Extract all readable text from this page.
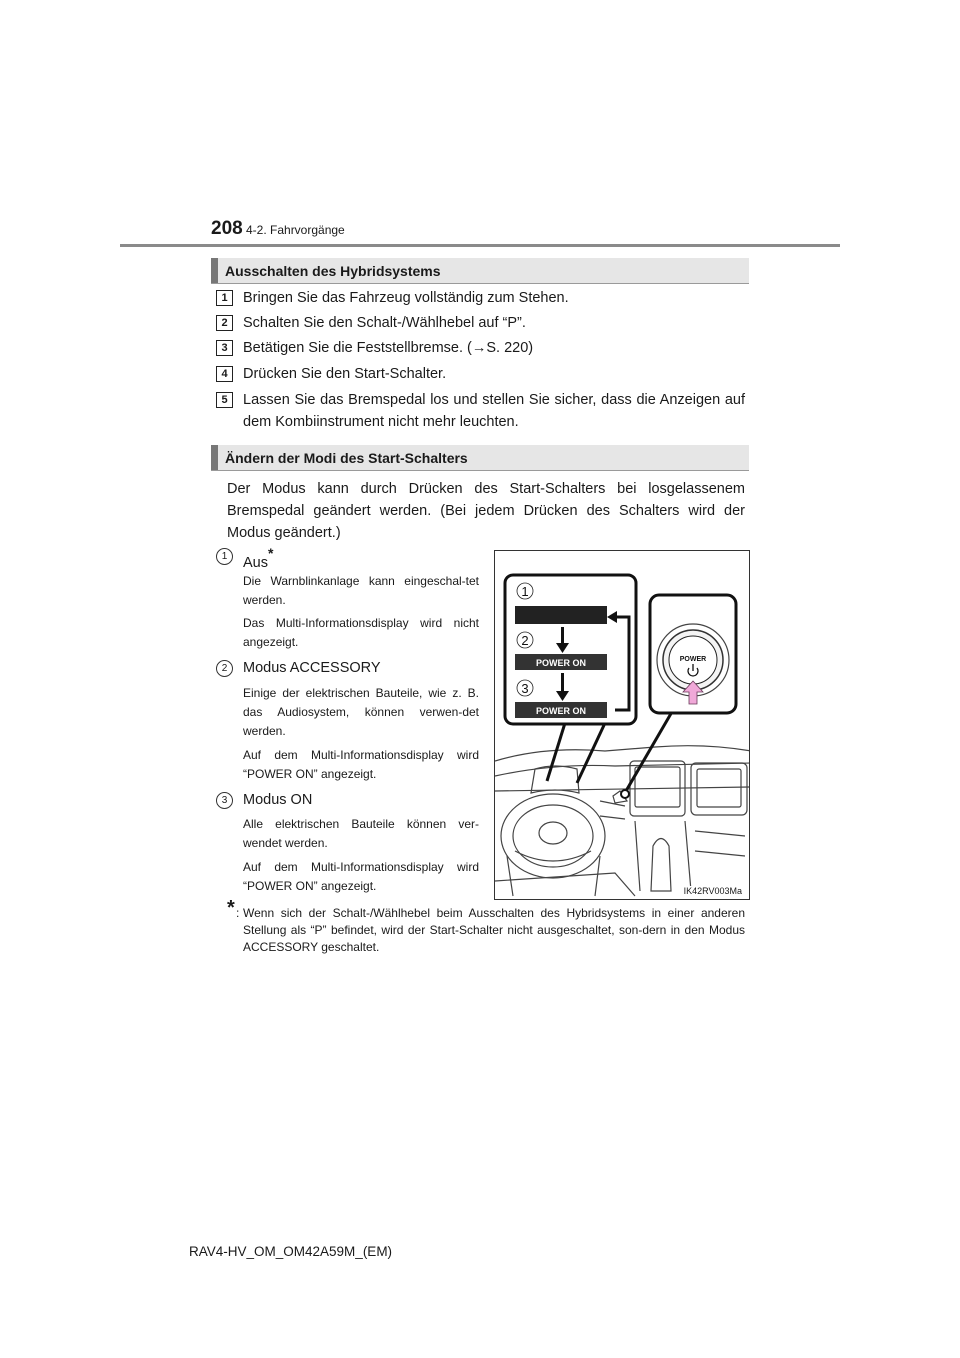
208 4-2. Fahrvorgänge
Ausschalten des Hybridsystems
1	Bringen Sie das Fahrzeug vollständig zum Stehen.
2	Schalten Sie den Schalt-/Wählhebel auf “P”.
3	Betätigen Sie die Feststellbremse. (→S. 220)
4	Drücken Sie den Start-Schalter.
5	Lassen Sie das Bremspedal los und stellen Sie sicher, dass die Anzeigen auf dem Kombiinstrument nicht mehr leuchten.
Ändern der Modi des Start-Schalters
Der Modus kann durch Drücken des Start-Schalters bei losgelassenem Bremspedal geändert werden. (Bei jedem Drücken des Schalters wird der Modus geändert.)
1	Aus*
Die Warnblinkanlage kann eingeschal-tet werden.
Das Multi-Informationsdisplay wird nicht angezeigt.
2	Modus ACCESSORY
Einige der elektrischen Bauteile, wie z. B. das Audiosystem, können verwen-det werden.
Auf dem Multi-Informationsdisplay wird “POWER ON” angezeigt.
3	Modus ON
Alle elektrischen Bauteile können ver-wendet werden.
Auf dem Multi-Informationsdisplay wird “POWER ON” angezeigt.
POWER ON
POWER ON
1
2
3
POWER
IK42RV003Ma
* : Wenn sich der Schalt-/Wählhebel beim Ausschalten des Hybridsystems in einer anderen Stellung als “P” befindet, wird der Start-Schalter nicht ausgeschaltet, son-dern in den Modus ACCESSORY geschaltet.
RAV4-HV_OM_OM42A59M_(EM)
